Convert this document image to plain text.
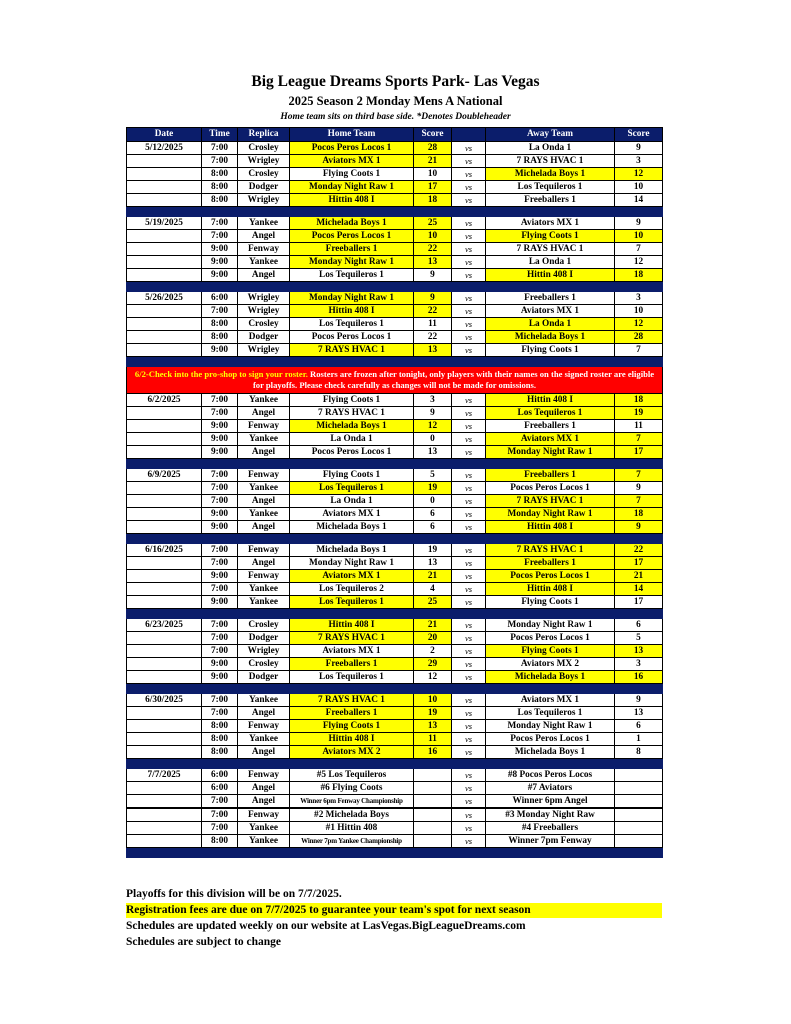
Big League Dreams Sports Park- Las Vegas
2025 Season 2 Monday Mens A National
Home team sits on third base side. *Denotes Doubleheader
Date	Time	Replica	Home Team	Score		Away Team	Score
5/12/2025	7:00	Crosley	Pocos Peros Locos 1	28	vs	La Onda 1	9
	7:00	Wrigley	Aviators MX 1	21	vs	7 RAYS HVAC 1	3
	8:00	Crosley	Flying Coots 1	10	vs	Michelada Boys 1	12
	8:00	Dodger	Monday Night Raw 1	17	vs	Los Tequileros 1	10
	8:00	Wrigley	Hittin 408 I	18	vs	Freeballers 1	14

5/19/2025	7:00	Yankee	Michelada Boys 1	25	vs	Aviators MX 1	9
	7:00	Angel	Pocos Peros Locos 1	10	vs	Flying Coots 1	10
	9:00	Fenway	Freeballers 1	22	vs	7 RAYS HVAC 1	7
	9:00	Yankee	Monday Night Raw 1	13	vs	La Onda 1	12
	9:00	Angel	Los Tequileros 1	9	vs	Hittin 408 I	18

5/26/2025	6:00	Wrigley	Monday Night Raw 1	9	vs	Freeballers 1	3
	7:00	Wrigley	Hittin 408 I	22	vs	Aviators MX 1	10
	8:00	Crosley	Los Tequileros 1	11	vs	La Onda 1	12
	8:00	Dodger	Pocos Peros Locos 1	22	vs	Michelada Boys 1	28
	9:00	Wrigley	7 RAYS HVAC 1	13	vs	Flying Coots 1	7

6/2-Check into the pro-shop to sign your roster. Rosters are frozen after tonight, only players with their names on the signed roster are eligible for playoffs. Please check carefully as changes will not be made for omissions.							
6/2/2025	7:00	Yankee	Flying Coots 1	3	vs	Hittin 408 I	18
	7:00	Angel	7 RAYS HVAC 1	9	vs	Los Tequileros 1	19
	9:00	Fenway	Michelada Boys 1	12	vs	Freeballers 1	11
	9:00	Yankee	La Onda 1	0	vs	Aviators MX 1	7
	9:00	Angel	Pocos Peros Locos 1	13	vs	Monday Night Raw 1	17

6/9/2025	7:00	Fenway	Flying Coots 1	5	vs	Freeballers 1	7
	7:00	Yankee	Los Tequileros 1	19	vs	Pocos Peros Locos 1	9
	7:00	Angel	La Onda 1	0	vs	7 RAYS HVAC 1	7
	9:00	Yankee	Aviators MX 1	6	vs	Monday Night Raw 1	18
	9:00	Angel	Michelada Boys 1	6	vs	Hittin 408 I	9

6/16/2025	7:00	Fenway	Michelada Boys 1	19	vs	7 RAYS HVAC 1	22
	7:00	Angel	Monday Night Raw 1	13	vs	Freeballers 1	17
	9:00	Fenway	Aviators MX 1	21	vs	Pocos Peros Locos 1	21
	7:00	Yankee	Los Tequileros 2	4	vs	Hittin 408 I	14
	9:00	Yankee	Los Tequileros 1	25	vs	Flying Coots 1	17

6/23/2025	7:00	Crosley	Hittin 408 I	21	vs	Monday Night Raw 1	6
	7:00	Dodger	7 RAYS HVAC 1	20	vs	Pocos Peros Locos 1	5
	7:00	Wrigley	Aviators MX 1	2	vs	Flying Coots 1	13
	9:00	Crosley	Freeballers 1	29	vs	Aviators MX 2	3
	9:00	Dodger	Los Tequileros 1	12	vs	Michelada Boys 1	16

6/30/2025	7:00	Yankee	7 RAYS HVAC 1	10	vs	Aviators MX 1	9
	7:00	Angel	Freeballers 1	19	vs	Los Tequileros 1	13
	8:00	Fenway	Flying Coots 1	13	vs	Monday Night Raw 1	6
	8:00	Yankee	Hittin 408 I	11	vs	Pocos Peros Locos 1	1
	8:00	Angel	Aviators MX 2	16	vs	Michelada Boys 1	8

7/7/2025	6:00	Fenway	#5 Los Tequileros		vs	#8 Pocos Peros Locos	
	6:00	Angel	#6 Flying Coots		vs	#7 Aviators	
	7:00	Angel	Winner 6pm Fenway Championship		vs	Winner 6pm Angel	
	7:00	Fenway	#2 Michelada Boys		vs	#3 Monday Night Raw	
	7:00	Yankee	#1 Hittin 408		vs	#4 Freeballers	
	8:00	Yankee	Winner 7pm Yankee Championship		vs	Winner 7pm Fenway	

Playoffs for this division will be on 7/7/2025.
Registration fees are due on 7/7/2025 to guarantee your team's spot for next season
Schedules are updated weekly on our website at LasVegas.BigLeagueDreams.com
Schedules are subject to change
